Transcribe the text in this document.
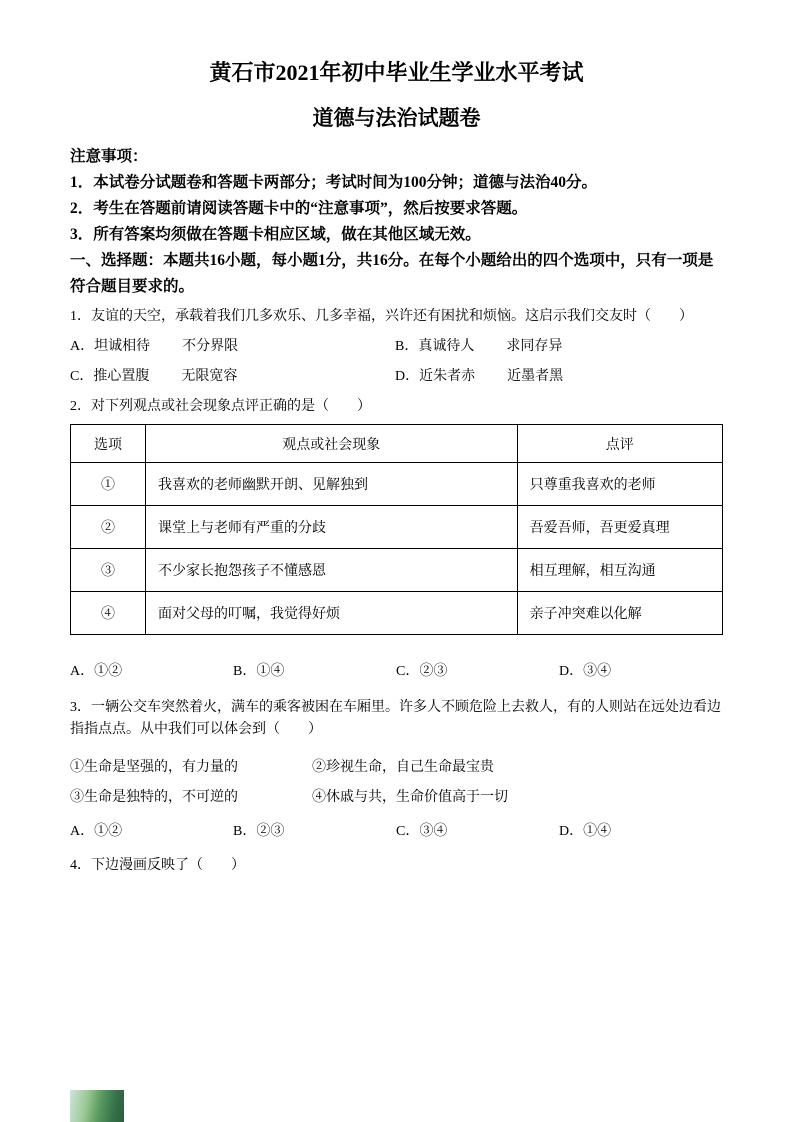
黄石市2021年初中毕业生学业水平考试
道德与法治试题卷

注意事项：

1．本试卷分试题卷和答题卡两部分；考试时间为100分钟；道德与法治40分。

2．考生在答题前请阅读答题卡中的“注意事项”，然后按要求答题。

3．所有答案均须做在答题卡相应区域，做在其他区域无效。

一、选择题：本题共16小题，每小题1分，共16分。在每个小题给出的四个选项中，只有一项是符合题目要求的。

1．友谊的天空，承载着我们几多欢乐、几多幸福，兴许还有困扰和烦恼。这启示我们交友时（　　）

A．坦诚相待 不分界限	B．真诚待人 求同存异
C．推心置腹 无限宽容	D．近朱者赤 近墨者黑

2．对下列观点或社会现象点评正确的是（　　）

选项	观点或社会现象	点评
①	我喜欢的老师幽默开朗、见解独到	只尊重我喜欢的老师
②	课堂上与老师有严重的分歧	吾爱吾师，吾更爱真理
③	不少家长抱怨孩子不懂感恩	相互理解，相互沟通
④	面对父母的叮嘱，我觉得好烦	亲子冲突难以化解
A．①②	B．①④	C．②③	D．③④

3．一辆公交车突然着火，满车的乘客被困在车厢里。许多人不顾危险上去救人，有的人则站在远处边看边指指点点。从中我们可以体会到（　　）

①生命是坚强的，有力量的	②珍视生命，自己生命最宝贵
③生命是独特的，不可逆的	④休戚与共，生命价值高于一切
A．①②	B．②③	C．③④	D．①④

4．下边漫画反映了（　　）
